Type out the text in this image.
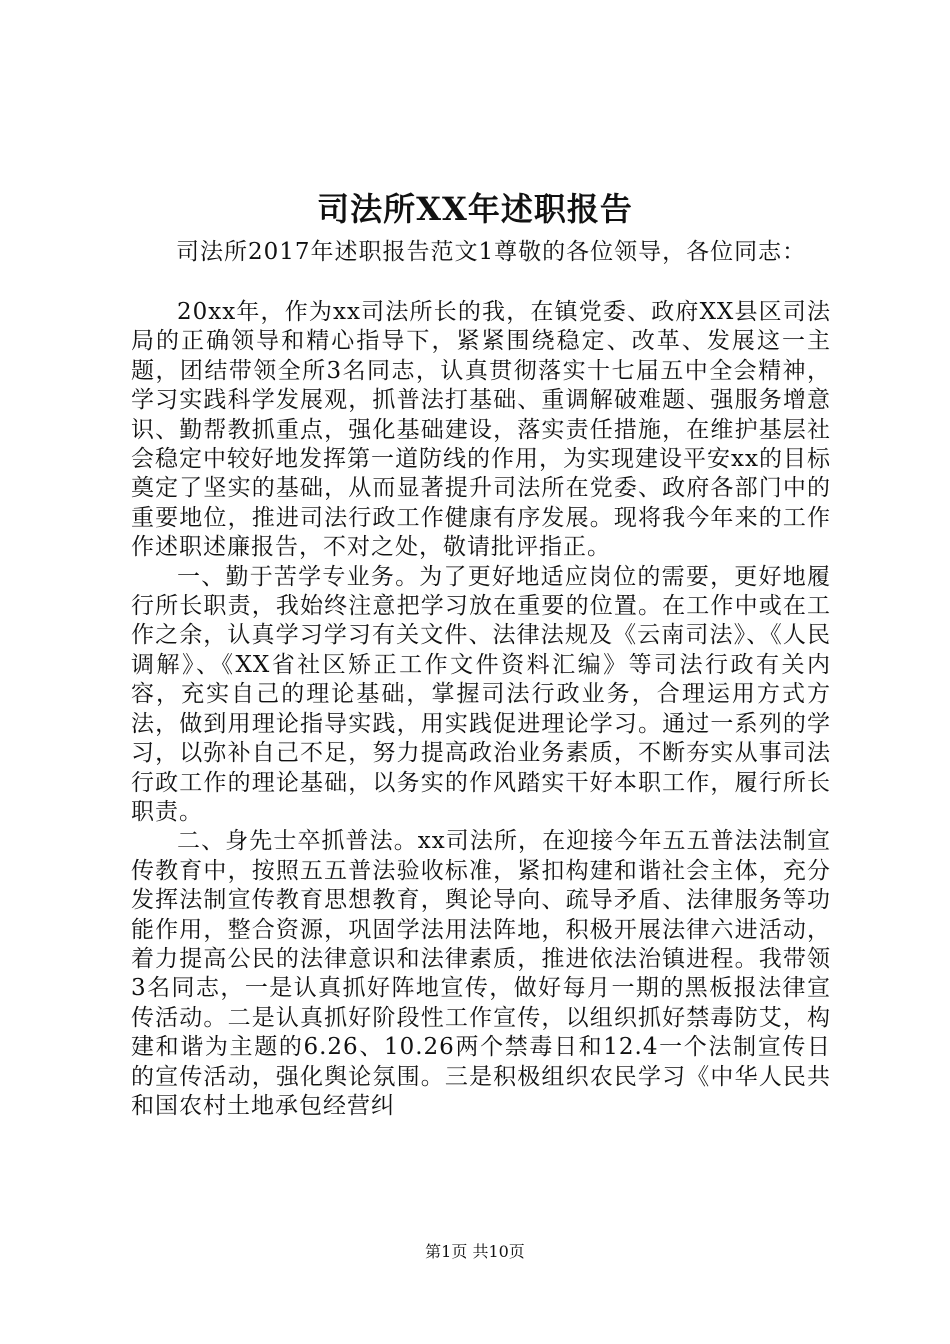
司法所XX年述职报告
司法所2017年述职报告范文1尊敬的各位领导，各位同志：

20xx年，作为xx司法所长的我，在镇党委、政府XX县区司法局的正确领导和精心指导下，紧紧围绕稳定、改革、发展这一主题，团结带领全所3名同志，认真贯彻落实十七届五中全会精神，学习实践科学发展观，抓普法打基础、重调解破难题、强服务增意识、勤帮教抓重点，强化基础建设，落实责任措施，在维护基层社会稳定中较好地发挥第一道防线的作用，为实现建设平安xx的目标奠定了坚实的基础，从而显著提升司法所在党委、政府各部门中的重要地位，推进司法行政工作健康有序发展。现将我今年来的工作作述职述廉报告，不对之处，敬请批评指正。

一、勤于苦学专业务。为了更好地适应岗位的需要，更好地履行所长职责，我始终注意把学习放在重要的位置。在工作中或在工作之余，认真学习学习有关文件、法律法规及《云南司法》、《人民调解》、《XX省社区矫正工作文件资料汇编》等司法行政有关内容，充实自己的理论基础，掌握司法行政业务，合理运用方式方法，做到用理论指导实践，用实践促进理论学习。通过一系列的学习，以弥补自己不足，努力提高政治业务素质，不断夯实从事司法行政工作的理论基础，以务实的作风踏实干好本职工作，履行所长职责。

二、身先士卒抓普法。xx司法所，在迎接今年五五普法法制宣传教育中，按照五五普法验收标准，紧扣构建和谐社会主体，充分发挥法制宣传教育思想教育，舆论导向、疏导矛盾、法律服务等功能作用，整合资源，巩固学法用法阵地，积极开展法律六进活动，着力提高公民的法律意识和法律素质，推进依法治镇进程。我带领3名同志，一是认真抓好阵地宣传，做好每月一期的黑板报法律宣传活动。二是认真抓好阶段性工作宣传，以组织抓好禁毒防艾，构建和谐为主题的6.26、10.26两个禁毒日和12.4一个法制宣传日的宣传活动，强化舆论氛围。三是积极组织农民学习《中华人民共和国农村土地承包经营纠

第1页 共10页
